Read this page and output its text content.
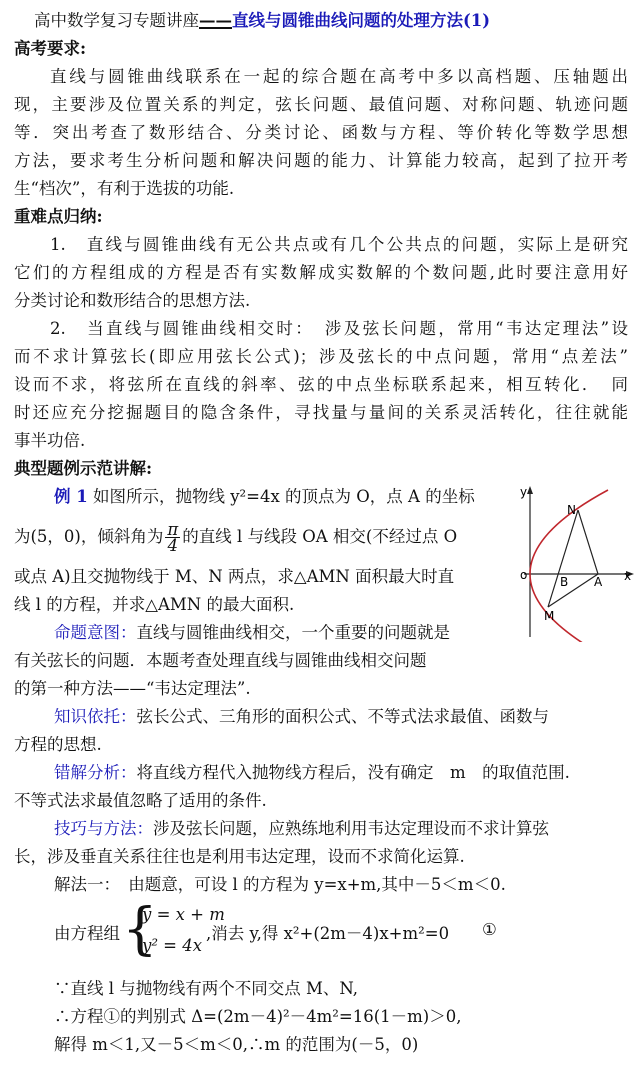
高中数学复习专题讲座——直线与圆锥曲线问题的处理方法(1)
高考要求:
直线与圆锥曲线联系在一起的综合题在高考中多以高档题、压轴题出
现，主要涉及位置关系的判定，弦长问题、最值问题、对称问题、轨迹问题
等．突出考查了数形结合、分类讨论、函数与方程、等价转化等数学思想
方法，要求考生分析问题和解决问题的能力、计算能力较高，起到了拉开考
生“档次”，有利于选拔的功能.
重难点归纳:
1.　直线与圆锥曲线有无公共点或有几个公共点的问题，实际上是研究
它们的方程组成的方程是否有实数解成实数解的个数问题,此时要注意用好
分类讨论和数形结合的思想方法.
2.　当直线与圆锥曲线相交时：　涉及弦长问题，常用“韦达定理法”设
而不求计算弦长(即应用弦长公式)；涉及弦长的中点问题，常用“点差法”
设而不求，将弦所在直线的斜率、弦的中点坐标联系起来，相互转化．　同
时还应充分挖掘题目的隐含条件，寻找量与量间的关系灵活转化，往往就能
事半功倍.
典型题例示范讲解:
例 1 如图所示，抛物线 y²=4x 的顶点为 O，点 A 的坐标
为(5，0)，倾斜角为 $\frac{\pi}{4}$ 的直线 l 与线段 OA 相交(不经过点 O
或点 A)且交抛物线于 M、N 两点，求△AMN 面积最大时直
线 l 的方程，并求△AMN 的最大面积.
y
x
o
N
B A
M
命题意图：直线与圆锥曲线相交，一个重要的问题就是
有关弦长的问题．本题考查处理直线与圆锥曲线相交问题
的第一种方法——“韦达定理法”.
知识依托：弦长公式、三角形的面积公式、不等式法求最值、函数与
方程的思想.
错解分析：将直线方程代入抛物线方程后，没有确定　m　的取值范围.
不等式法求最值忽略了适用的条件.
技巧与方法：涉及弦长问题，应熟练地利用韦达定理设而不求计算弦
长，涉及垂直关系往往也是利用韦达定理，设而不求简化运算.
解法一：　由题意，可设 l 的方程为 y=x+m,其中－5＜m＜0.
由方程组 {
y = x + m
y² = 4x
,消去 y,得 x²+(2m－4)x+m²=0 ①
∵直线 l 与抛物线有两个不同交点 M、N,
∴方程①的判别式 Δ=(2m－4)²－4m²=16(1－m)＞0,
解得 m＜1,又－5＜m＜0,∴m 的范围为(－5，0)
